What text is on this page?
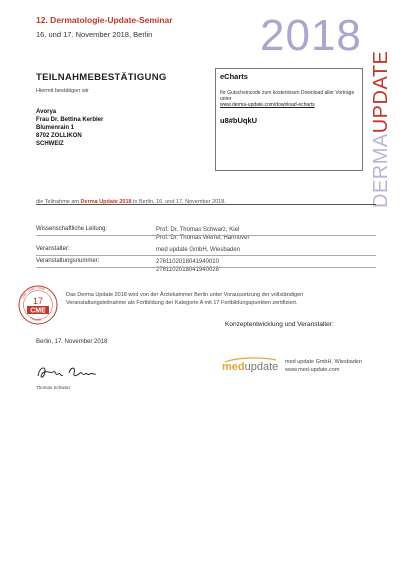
12. Dermatologie-Update-Seminar
16. und 17. November 2018, Berlin 2018
DERMAUPDATE
TEILNAHMEBESTÄTIGUNG
Hiermit bestätigen wir
Avorya
Frau Dr. Bettina Kerbler
Blumenrain 1
8702 ZOLLIKON
SCHWEIZ
eCharts
Ihr Gutscheincode zum kostenlosen Download aller Vorträge unter
www.derma-update.com/download-echarts
u8#bUqkU
die Teilnahme am Derma Update 2018 in Berlin, 16. und 17. November 2018.
Wissenschaftliche Leitung:	Prof. Dr. Thomas Schwarz, Kiel
Prof. Dr. Thomas Werfel, Hannover
Veranstalter:	med update GmbH, Wiesbaden
Veranstaltungsnummer:	2761102018041940010
2761102018041940028
CME • CME • CME
PUNKTE
17
CME
Das Derma Update 2018 wird von der Ärztekammer Berlin unter Voraussetzung der vollständigen Veranstaltungsteilnahme als Fortbildung der Kategorie A mit 17 Fortbildungspunkten zertifiziert.
Berlin, 17. November 2018
Thomas Schwarz
Konzeptentwicklung und Veranstalter:
medupdate med update GmbH, Wiesbaden
www.med-update.com
